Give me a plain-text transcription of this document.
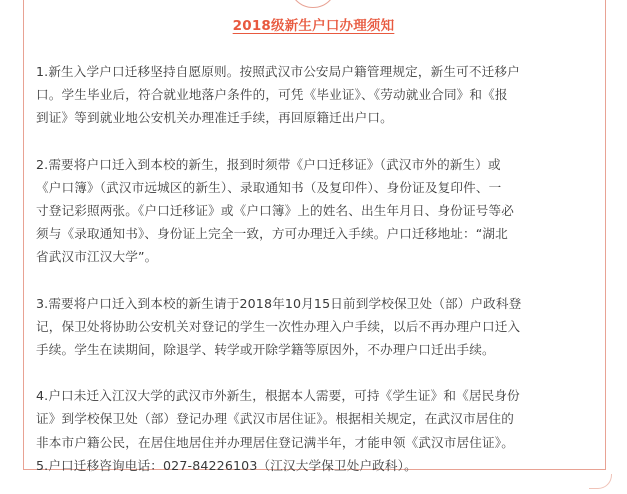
2018级新生户口办理须知

1.新生入学户口迁移坚持自愿原则。按照武汉市公安局户籍管理规定，新生可不迁移户
口。学生毕业后，符合就业地落户条件的，可凭《毕业证》、《劳动就业合同》和《报
到证》等到就业地公安机关办理准迁手续，再回原籍迁出户口。

2.需要将户口迁入到本校的新生，报到时须带《户口迁移证》（武汉市外的新生）或
《户口簿》（武汉市远城区的新生）、录取通知书（及复印件）、身份证及复印件、一
寸登记彩照两张。《户口迁移证》或《户口簿》上的姓名、出生年月日、身份证号等必
须与《录取通知书》、身份证上完全一致，方可办理迁入手续。户口迁移地址：“湖北
省武汉市江汉大学”。

3.需要将户口迁入到本校的新生请于2018年10月15日前到学校保卫处（部）户政科登
记，保卫处将协助公安机关对登记的学生一次性办理入户手续，以后不再办理户口迁入
手续。学生在读期间，除退学、转学或开除学籍等原因外，不办理户口迁出手续。

4.户口未迁入江汉大学的武汉市外新生，根据本人需要，可持《学生证》和《居民身份
证》到学校保卫处（部）登记办理《武汉市居住证》。根据相关规定，在武汉市居住的
非本市户籍公民，在居住地居住并办理居住登记满半年，才能申领《武汉市居住证》。
5.户口迁移咨询电话：027-84226103（江汉大学保卫处户政科）。
